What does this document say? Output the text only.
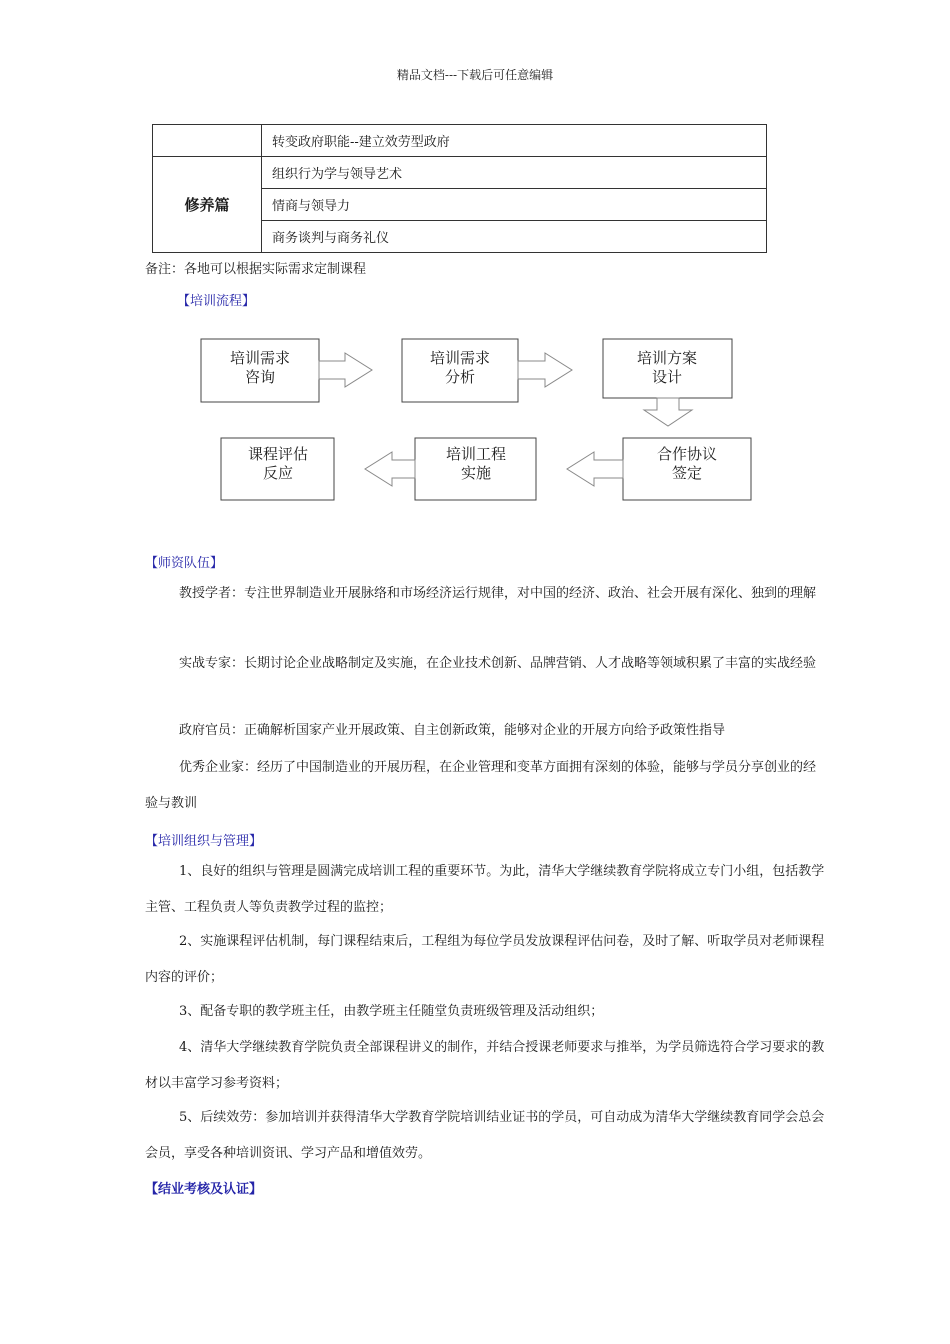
精品文档---下载后可任意编辑
	转变政府职能--建立效劳型政府
修养篇	组织行为学与领导艺术
	情商与领导力
	商务谈判与商务礼仪
备注：各地可以根据实际需求定制课程
【培训流程】
培训需求
咨询
培训需求
分析
培训方案
设计
合作协议
签定
培训工程
实施
课程评估
反应
【师资队伍】
教授学者：专注世界制造业开展脉络和市场经济运行规律，对中国的经济、政治、社会开展有深化、独到的理解
实战专家：长期讨论企业战略制定及实施，在企业技术创新、品牌营销、人才战略等领域积累了丰富的实战经验
政府官员：正确解析国家产业开展政策、自主创新政策，能够对企业的开展方向给予政策性指导
优秀企业家：经历了中国制造业的开展历程，在企业管理和变革方面拥有深刻的体验，能够与学员分享创业的经验与教训
【培训组织与管理】
1、良好的组织与管理是圆满完成培训工程的重要环节。为此，清华大学继续教育学院将成立专门小组，包括教学主管、工程负责人等负责教学过程的监控；
2、实施课程评估机制，每门课程结束后，工程组为每位学员发放课程评估问卷，及时了解、听取学员对老师课程内容的评价；
3、配备专职的教学班主任，由教学班主任随堂负责班级管理及活动组织；
4、清华大学继续教育学院负责全部课程讲义的制作，并结合授课老师要求与推举，为学员筛选符合学习要求的教材以丰富学习参考资料；
5、后续效劳：参加培训并获得清华大学教育学院培训结业证书的学员，可自动成为清华大学继续教育同学会总会会员，享受各种培训资讯、学习产品和增值效劳。
【结业考核及认证】
